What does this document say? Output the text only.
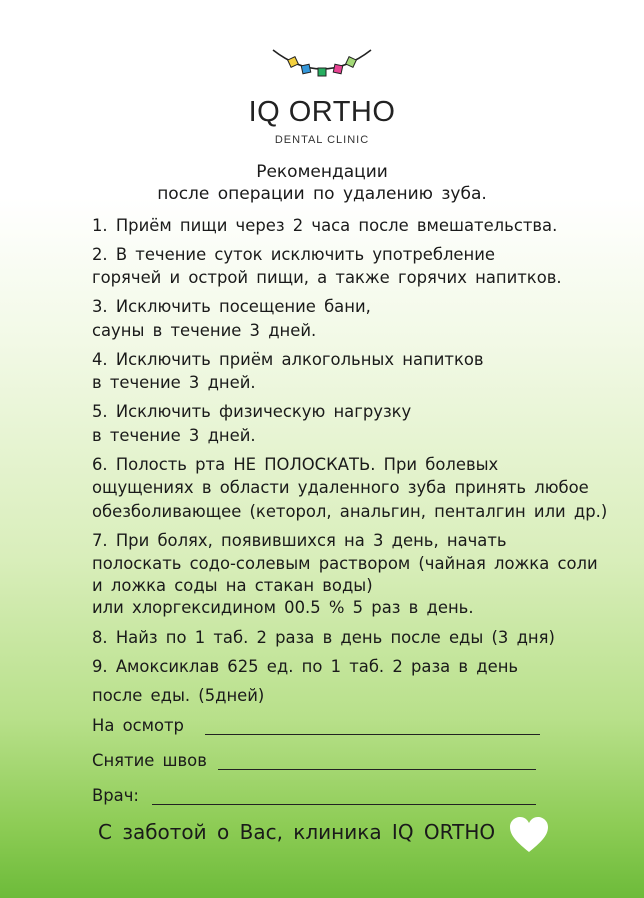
IQ ORTHO
DENTAL CLINIC
Рекомендации
после операции по удалению зуба.
1. Приём пищи через 2 часа после вмешательства.
2. В течение суток исключить употребление
горячей и острой пищи, а также горячих напитков.
3. Исключить посещение бани,
сауны в течение 3 дней.
4. Исключить приём алкогольных напитков
в течение 3 дней.
5. Исключить физическую нагрузку
в течение 3 дней.
6. Полость рта НЕ ПОЛОСКАТЬ. При болевых
ощущениях в области удаленного зуба принять любое
обезболивающее (кеторол, анальгин, пенталгин или др.)
7. При болях, появившихся на 3 день, начать
полоскать содо-солевым раствором (чайная ложка соли
и ложка соды на стакан воды)
или хлоргексидином 00.5 % 5 раз в день.
8. Найз по 1 таб. 2 раза в день после еды (3 дня)
9. Амоксиклав 625 ед. по 1 таб. 2 раза в день
после еды. (5дней)
На осмотр
Снятие швов
Врач:
С заботой о Вас, клиника IQ ORTHO
